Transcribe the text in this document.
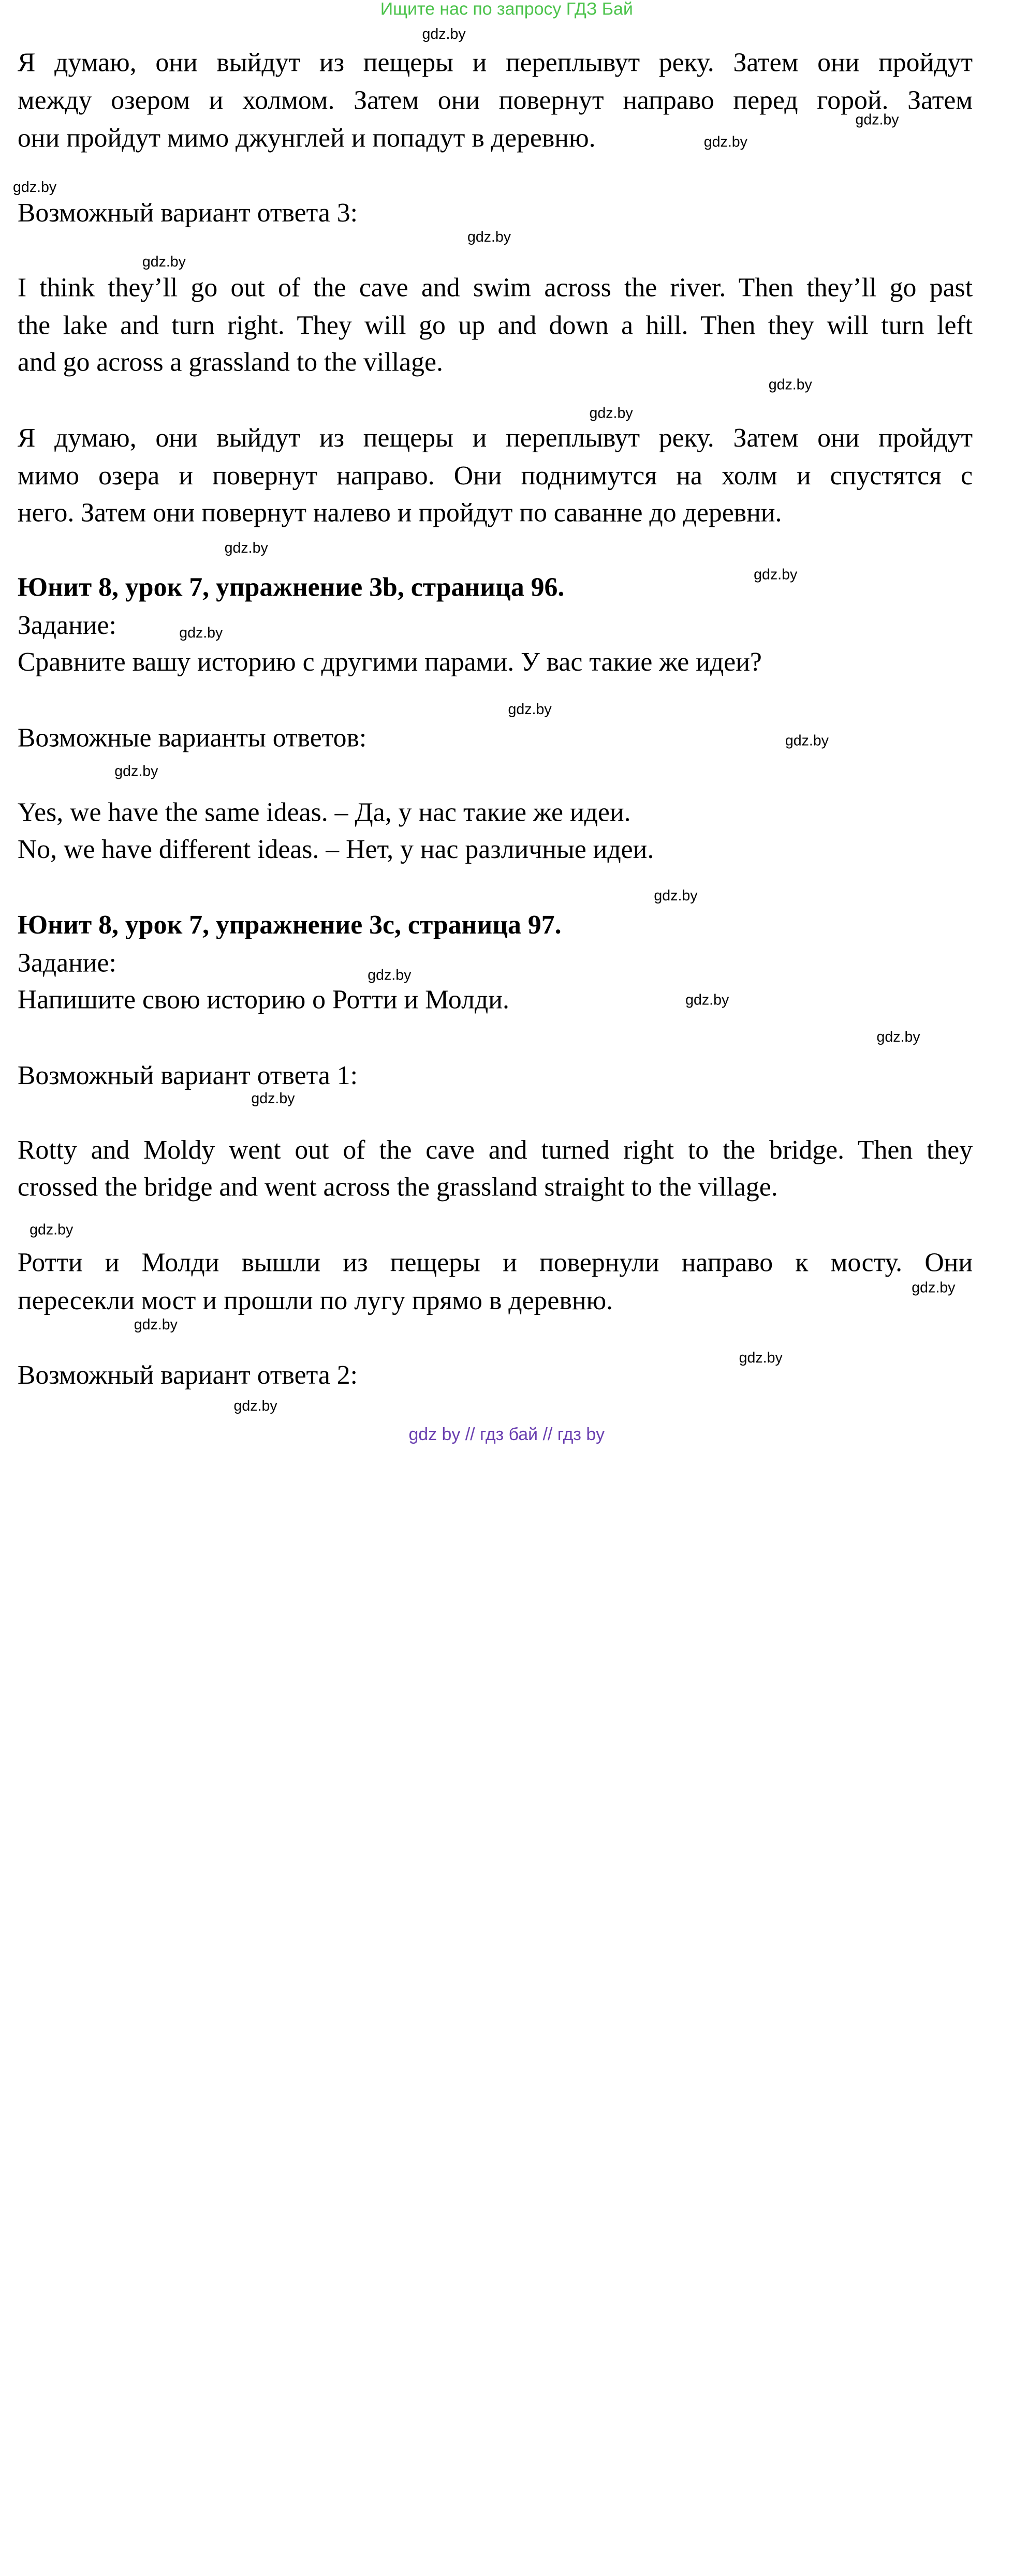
Ищите нас по запросу ГДЗ Бай

Я думаю, они выйдут из пещеры и переплывут реку. Затем они пройдут

между озером и холмом. Затем они повернут направо перед горой. Затем

они пройдут мимо джунглей и попадут в деревню.

Возможный вариант ответа 3:

I think they’ll go out of the cave and swim across the river. Then they’ll go past

the lake and turn right. They will go up and down a hill. Then they will turn left

and go across a grassland to the village.

Я думаю, они выйдут из пещеры и переплывут реку. Затем они пройдут

мимо озера и повернут направо. Они поднимутся на холм и спустятся с

него. Затем они повернут налево и пройдут по саванне до деревни.

Юнит 8, урок 7, упражнение 3b, страница 96.

Задание:

Сравните вашу историю с другими парами. У вас такие же идеи?

Возможные варианты ответов:

Yes, we have the same ideas. – Да, у нас такие же идеи.

No, we have different ideas. – Нет, у нас различные идеи.

Юнит 8, урок 7, упражнение 3c, страница 97.

Задание:

Напишите свою историю о Ротти и Молди.

Возможный вариант ответа 1:

Rotty and Moldy went out of the cave and turned right to the bridge. Then they

crossed the bridge and went across the grassland straight to the village.

Ротти и Молди вышли из пещеры и повернули направо к мосту. Они

пересекли мост и прошли по лугу прямо в деревню.

Возможный вариант ответа 2:

gdz.by
gdz.by
gdz.by
gdz.by
gdz.by
gdz.by
gdz.by
gdz.by
gdz.by
gdz.by
gdz.by
gdz.by
gdz.by
gdz.by
gdz.by
gdz.by
gdz.by
gdz.by
gdz.by
gdz.by
gdz.by
gdz.by
gdz.by
gdz.by
gdz by // гдз бай // гдз by
